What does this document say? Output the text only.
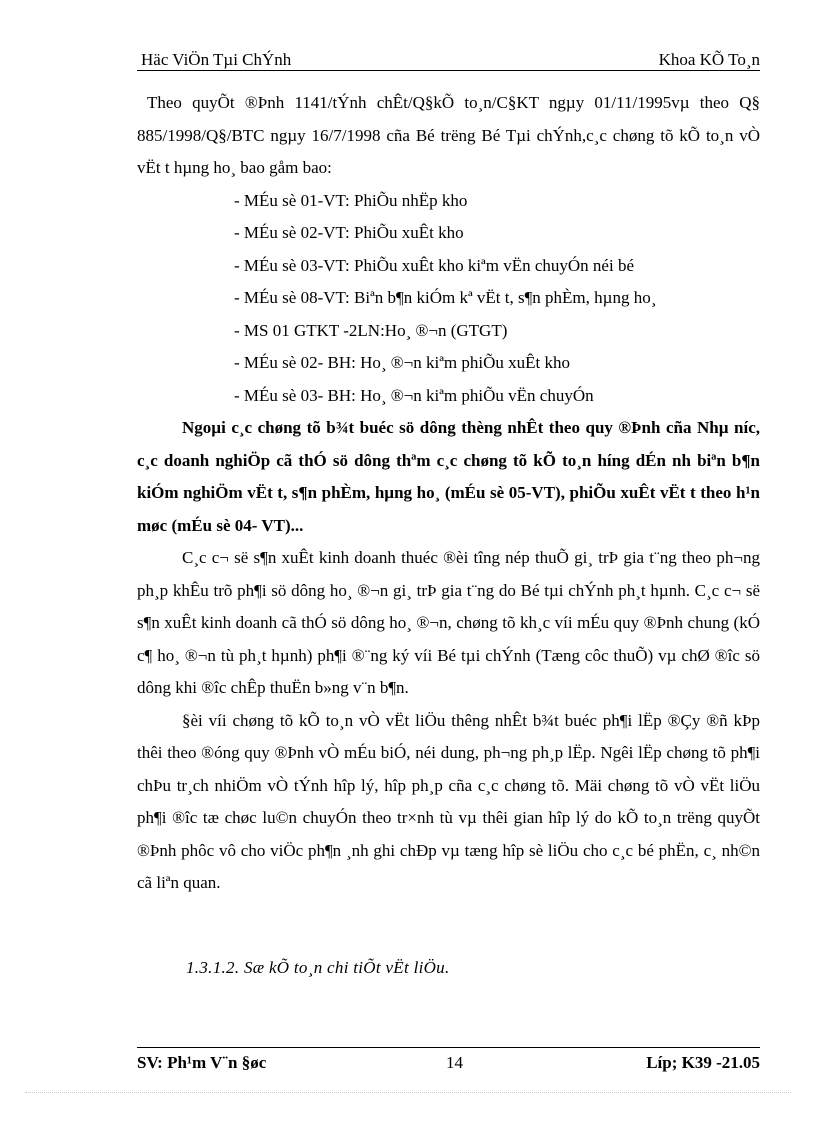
Häc ViÖn Tµi ChÝnh	Khoa KÕ To¸n

Theo quyÕt ®Þnh 1141/tÝnh chÊt/Q§kÕ to¸n/C§KT ngµy 01/11/1995vµ theo Q§ 885/1998/Q§/BTC ngµy 16/7/1998 cña Bé trëng Bé Tµi chÝnh,c¸c chøng tõ kÕ to¸n vÒ vËt t hµng ho¸ bao gåm bao:

- MÉu sè 01-VT: PhiÕu nhËp kho
- MÉu sè 02-VT: PhiÕu xuÊt kho
- MÉu sè 03-VT: PhiÕu xuÊt kho kiªm vËn chuyÓn néi bé
- MÉu sè 08-VT: Biªn b¶n kiÓm kª vËt t, s¶n phÈm, hµng ho¸
- MS 01 GTKT -2LN:Ho¸ ®¬n (GTGT)
- MÉu sè 02- BH: Ho¸ ®¬n kiªm phiÕu xuÊt kho
- MÉu sè 03- BH: Ho¸ ®¬n kiªm phiÕu vËn chuyÓn

Ngoµi c¸c chøng tõ b¾t buéc sö dông thèng nhÊt theo quy ®Þnh cña Nhµ níc, c¸c doanh nghiÖp cã thÓ sö dông thªm c¸c chøng tõ kÕ to¸n híng dÉn nh biªn b¶n kiÓm nghiÖm vËt t, s¶n phÈm, hµng ho¸ (mÉu sè 05-VT), phiÕu xuÊt vËt t theo h¹n møc (mÉu sè 04- VT)...

C¸c c¬ së s¶n xuÊt kinh doanh thuéc ®èi tîng nép thuÕ gi¸ trÞ gia t¨ng theo ph¬ng ph¸p khÊu trõ ph¶i sö dông ho¸ ®¬n gi¸ trÞ gia t¨ng do Bé tµi chÝnh ph¸t hµnh. C¸c c¬ së s¶n xuÊt kinh doanh cã thÓ sö dông ho¸ ®¬n, chøng tõ kh¸c víi mÉu quy ®Þnh chung (kÓ c¶ ho¸ ®¬n tù ph¸t hµnh) ph¶i ®¨ng ký víi Bé tµi chÝnh (Tæng côc thuÕ) vµ chØ ®îc sö dông khi ®îc chÊp thuËn b»ng v¨n b¶n.

§èi víi chøng tõ kÕ to¸n vÒ vËt liÖu thêng nhÊt b¾t buéc ph¶i lËp ®Çy ®ñ kÞp thêi theo ®óng quy ®Þnh vÒ mÉu biÓ, néi dung, ph¬ng ph¸p lËp. Ngêi lËp chøng tõ ph¶i chÞu tr¸ch nhiÖm vÒ tÝnh hîp lý, hîp ph¸p cña c¸c chøng tõ. Mäi chøng tõ vÒ vËt liÖu ph¶i ®îc tæ chøc lu©n chuyÓn theo tr×nh tù vµ thêi gian hîp lý do kÕ to¸n trëng quyÕt ®Þnh phôc vô cho viÖc ph¶n ¸nh ghi chÐp vµ tæng hîp sè liÖu cho c¸c bé phËn, c¸ nh©n cã liªn quan.

1.3.1.2. Sæ kÕ to¸n chi tiÕt vËt liÖu.
SV: Ph¹m V¨n §øc	14	Líp; K39 -21.05
